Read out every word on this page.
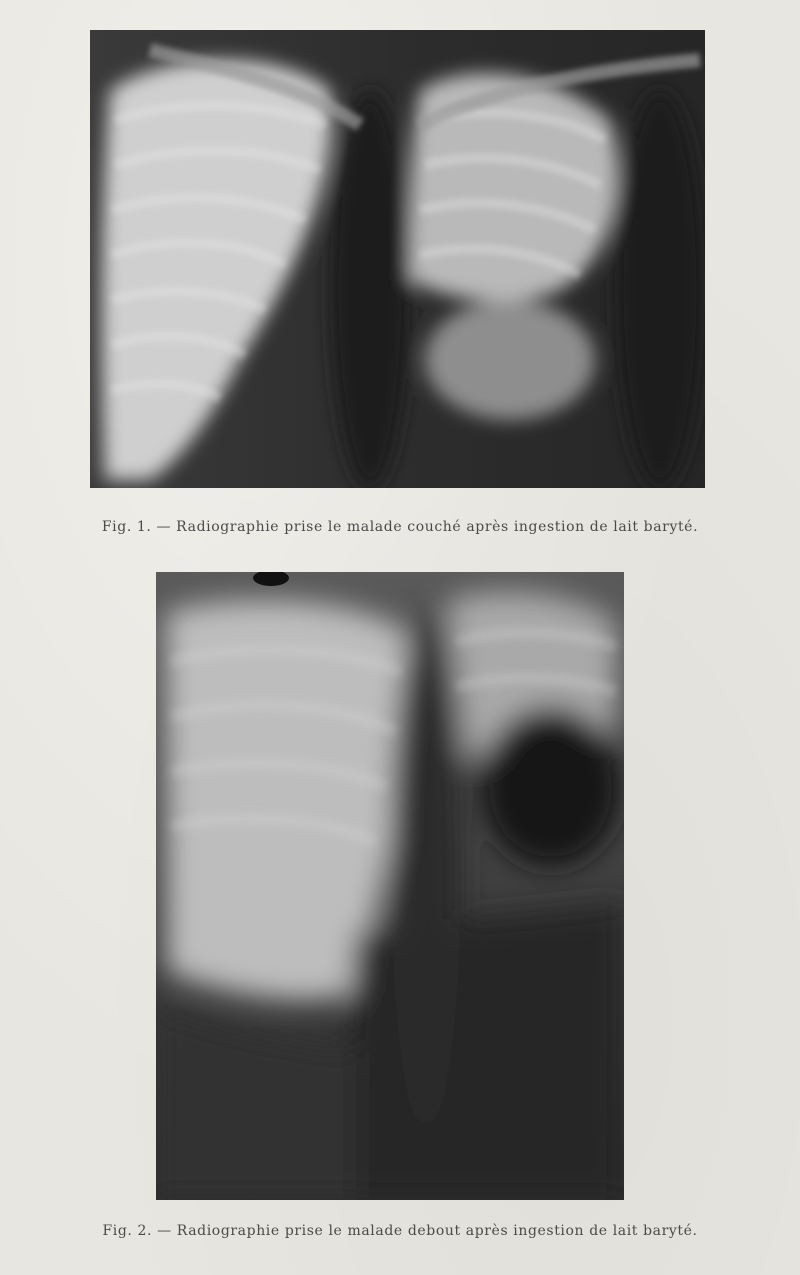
Fig. 1. — Radiographie prise le malade couché après ingestion de lait baryté.
Fig. 2. — Radiographie prise le malade debout après ingestion de lait baryté.
